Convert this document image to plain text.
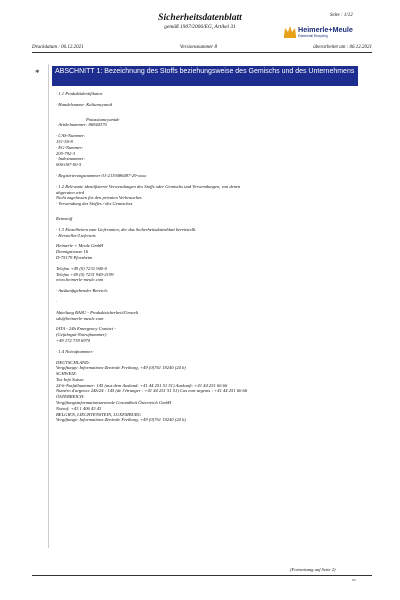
Seite : 1/12
Sicherheitsdatenblatt
gemäß 1907/2006/EG, Artikel 31	Heimerle+Meule
Edelmetall Recycling
Druckdatum : 06.12.2021	Versionsnummer 8	überarbeitet am : 06.12.2021
*	ABSCHNITT 1: Bezeichnung des Stoffs beziehungsweise des Gemischs und des Unternehmens
· 1.1 Produktidentifikator
· Handelsname: Kaliumcyanid
Potassiumcyanide
· Artikelnummer: 86944370
· CAS-Nummer:
151-50-8
· EG-Nummer:
205-792-3
· Indexnummer:
006-007-00-5
· Registrierungsnummer 01-2119486487-29-xxxx
· 1.2 Relevante identifizierte Verwendungen des Stoffs oder Gemischs und Verwendungen, von denen
abgeraten wird
Nicht zugelassen für den privaten Verbraucher.
· Verwendung des Stoffes / des Gemisches
Reinstoff
· 1.3 Einzelheiten zum Lieferanten, der das Sicherheitsdatenblatt bereitstellt
· Hersteller/Lieferant:
Heimerle + Meule GmbH
Dennigstrasse 16
D-75179 Pforzheim
Telefon +49 (0) 7231 940-0
Telefax +49 (0) 7231 940-2199
www.heimerle-meule.com
· Auskunftgebender Bereich:
·
Abteilung BASU - Produktsicherheit/Umwelt
sds@heimerle-meule.com
IATA - 24h Emergency Contact -
(Gefahrgut-Notrufnummer)
+49 172 739 6970
· 1.4 Notrufnummer:
DEUTSCHLAND:
Vergiftungs- Informations-Zentrale Freiburg, +49 (0)761 19240 (24 h)
SCHWEIZ:
Tox Info Suisse
24-h-Notfallnummer: 145 (aus dem Ausland: +41 44 251 51 51) Auskunft: +41 44 251 66 66
Numéro d'urgence 24h/24 : 145 (de l'étranger : +41 44 251 51 51) Cas non-urgents : +41 44 251 66 66
ÖSTERREICH:
Vergiftungsinformationszentrale Gesundheit Österreich GmbH
Notruf: +43 1 406 43 43
BELGIEN, LIECHTENSTEIN, LUXEMBURG
Vergiftungs- Informations-Zentrale Freiburg, +49 (0)761 19240 (24 h)
(Fortsetzung auf Seite 2)
DE
